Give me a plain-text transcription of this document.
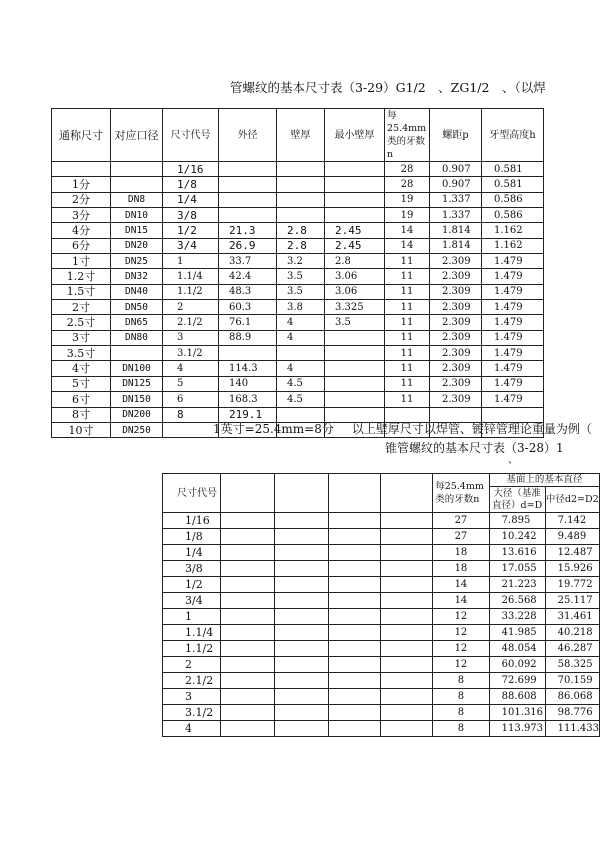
管螺纹的基本尺寸表（3-29）G1/2　、ZG1/2　、（以焊
通称尺寸	对应口径	尺寸代号	外径	壁厚	最小壁厚	每25.4mm类的牙数n	螺距p	牙型高度h
		1/16				28	0.907	0.581
1分		1/8				28	0.907	0.581
2分	DN8	1/4				19	1.337	0.586
3分	DN10	3/8				19	1.337	0.586
4分	DN15	1/2	21.3	2.8	2.45	14	1.814	1.162
6分	DN20	3/4	26.9	2.8	2.45	14	1.814	1.162
1寸	DN25	1	33.7	3.2	2.8	11	2.309	1.479
1.2寸	DN32	1.1/4	42.4	3.5	3.06	11	2.309	1.479
1.5寸	DN40	1.1/2	48.3	3.5	3.06	11	2.309	1.479
2寸	DN50	2	60.3	3.8	3.325	11	2.309	1.479
2.5寸	DN65	2.1/2	76.1	4	3.5	11	2.309	1.479
3寸	DN80	3	88.9	4		11	2.309	1.479
3.5寸		3.1/2				11	2.309	1.479
4寸	DN100	4	114.3	4		11	2.309	1.479
5寸	DN125	5	140	4.5		11	2.309	1.479
6寸	DN150	6	168.3	4.5		11	2.309	1.479
8寸	DN200	8	219.1					
10寸	DN250								1英寸=25.4mm=8分 以上壁厚尺寸以焊管、镀锌管理论重量为例（
锥管螺纹的基本尺寸表（3-28）1
、
尺寸代号					每25.4mm类的牙数n	基面上的基本直径	
						大径（基准直径）d=D	中径d2=D2
1/16					27	7.895	7.142
1/8					27	10.242	9.489
1/4					18	13.616	12.487
3/8					18	17.055	15.926
1/2					14	21.223	19.772
3/4					14	26.568	25.117
1					12	33.228	31.461
1.1/4					12	41.985	40.218
1.1/2					12	48.054	46.287
2					12	60.092	58.325
2.1/2					8	72.699	70.159
3					8	88.608	86.068
3.1/2					8	101.316	98.776
4					8	113.973	111.433
